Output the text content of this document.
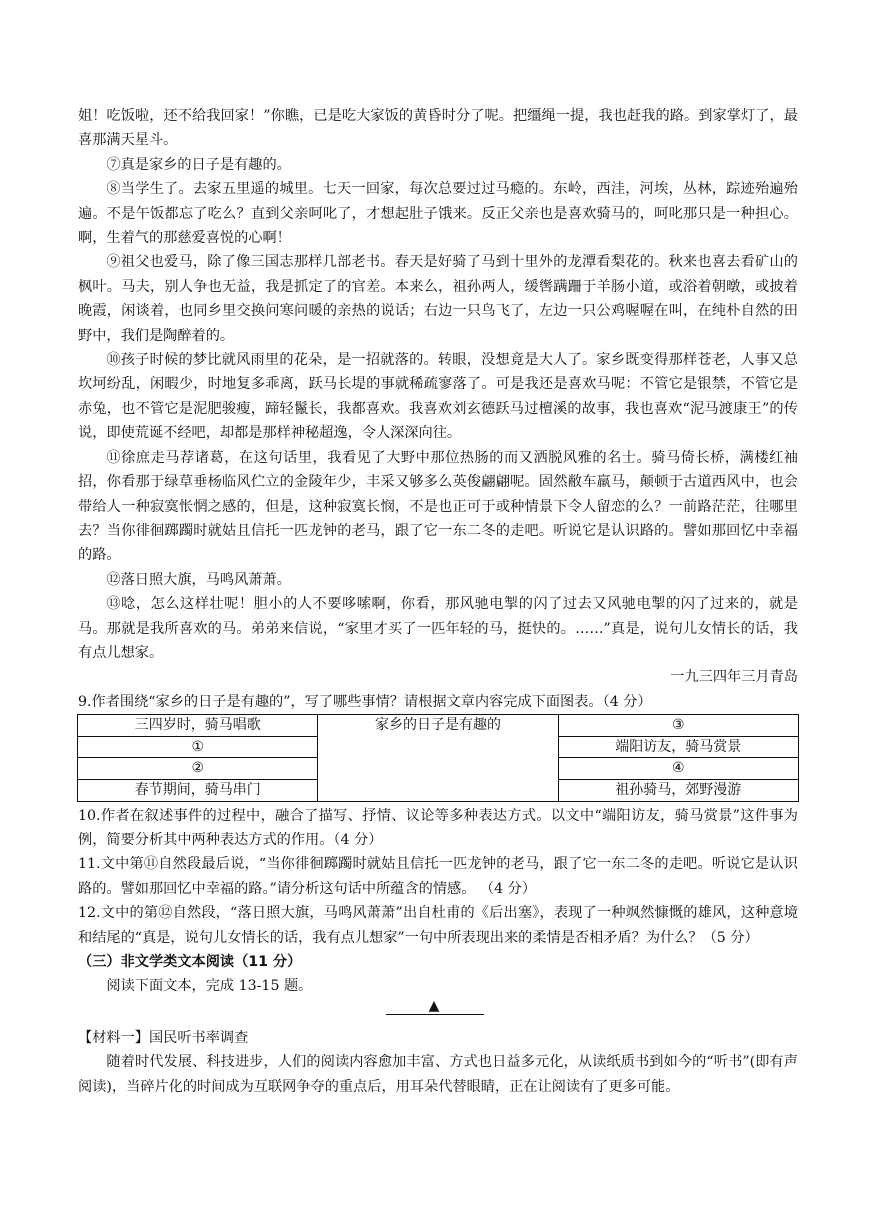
姐！吃饭啦，还不给我回家！”你瞧，已是吃大家饭的黄昏时分了呢。把缰绳一提，我也赶我的路。到家掌灯了，最喜那满天星斗。

⑦真是家乡的日子是有趣的。

⑧当学生了。去家五里遥的城里。七天一回家，每次总要过过马瘾的。东岭，西洼，河埃，丛林，踪迹殆遍殆遍。不是午饭都忘了吃么？直到父亲呵叱了，才想起肚子饿来。反正父亲也是喜欢骑马的，呵叱那只是一种担心。啊，生着气的那慈爱喜悦的心啊！

⑨祖父也爱马，除了像三国志那样几部老书。春天是好骑了马到十里外的龙潭看梨花的。秋来也喜去看矿山的枫叶。马夫，别人争也无益，我是抓定了的官差。本来么，祖孙两人，缓辔蹒跚于羊肠小道，或浴着朝暾，或披着晚霞，闲谈着，也同乡里交换问寒问暖的亲热的说话；右边一只鸟飞了，左边一只公鸡喔喔在叫，在纯朴自然的田野中，我们是陶醉着的。

⑩孩子时候的梦比就风雨里的花朵，是一招就落的。转眼，没想竟是大人了。家乡既变得那样苍老，人事又总坎坷纷乱，闲暇少，时地复多乖离，跃马长堤的事就稀疏寥落了。可是我还是喜欢马呢：不管它是银禁，不管它是赤兔，也不管它是泥肥骏瘦，蹄轻鬣长，我都喜欢。我喜欢刘玄德跃马过檀溪的故事，我也喜欢“泥马渡康王”的传说，即使荒诞不经吧，却都是那样神秘超逸，令人深深向往。

⑪徐庶走马荐诸葛，在这句话里，我看见了大野中那位热肠的而又洒脱风雅的名士。骑马倚长桥，满楼红袖招，你看那于绿草垂杨临风伫立的金陵年少，丰采又够多么英俊翩翩呢。固然敝车羸马，颠顿于古道西风中，也会带给人一种寂寞怅惘之感的，但是，这种寂寞长悯，不是也正可于或种情景下令人留恋的么？一前路茫茫，往哪里去？当你徘徊踯躅时就姑且信托一匹龙钟的老马，跟了它一东二冬的走吧。听说它是认识路的。譬如那回忆中幸福的路。

⑫落日照大旗，马鸣风萧萧。

⑬唸，怎么这样壮呢！胆小的人不要哆嗦啊，你看，那风驰电掣的闪了过去又风驰电掣的闪了过来的，就是马。那就是我所喜欢的马。弟弟来信说，“家里才买了一匹年轻的马，挺快的。……”真是，说句儿女情长的话，我有点儿想家。

一九三四年三月青岛

9.作者围绕“家乡的日子是有趣的”，写了哪些事情？请根据文章内容完成下面图表。（4 分）

三四岁时，骑马唱歌	家乡的日子是有趣的	③
①		端阳访友，骑马赏景
②		④
春节期间，骑马串门		祖孙骑马，郊野漫游

10.作者在叙述事件的过程中，融合了描写、抒情、议论等多种表达方式。以文中“端阳访友，骑马赏景”这件事为例，简要分析其中两种表达方式的作用。（4 分）

11.文中第⑪自然段最后说，“当你徘徊踯躅时就姑且信托一匹龙钟的老马，跟了它一东二冬的走吧。听说它是认识路的。譬如那回忆中幸福的路。”请分析这句话中所蕴含的情感。 （4 分）

12.文中的第⑫自然段，“落日照大旗，马鸣风萧萧”出自杜甫的《后出塞》，表现了一种飒然慷慨的雄风，这种意境和结尾的“真是，说句儿女情长的话，我有点儿想家”一句中所表现出来的柔情是否相矛盾？为什么？（5 分）

（三）非文学类文本阅读（11 分）

阅读下面文本，完成 13-15 题。

▲

【材料一】国民听书率调查

随着时代发展、科技进步，人们的阅读内容愈加丰富、方式也日益多元化，从读纸质书到如今的“听书”(即有声阅读)，当碎片化的时间成为互联网争夺的重点后，用耳朵代替眼睛，正在让阅读有了更多可能。
